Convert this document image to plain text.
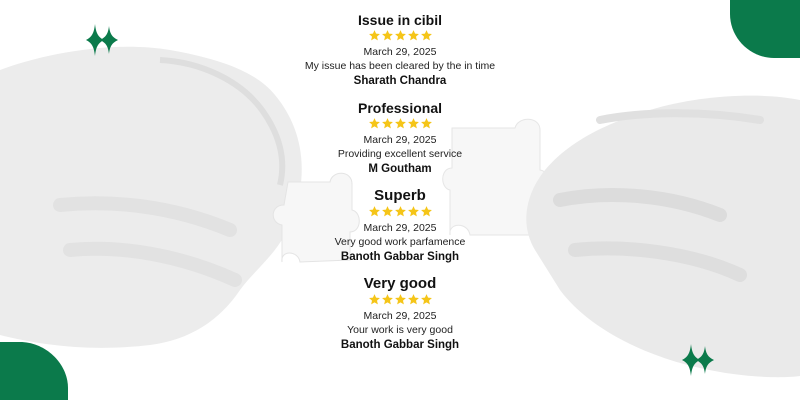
Issue in cibil
March 29, 2025
My issue has been cleared by the in time
Sharath Chandra
Professional
March 29, 2025
Providing excellent service
M Goutham
Superb
March 29, 2025
Very good work parfamence
Banoth Gabbar Singh
Very good
March 29, 2025
Your work is very good
Banoth Gabbar Singh
